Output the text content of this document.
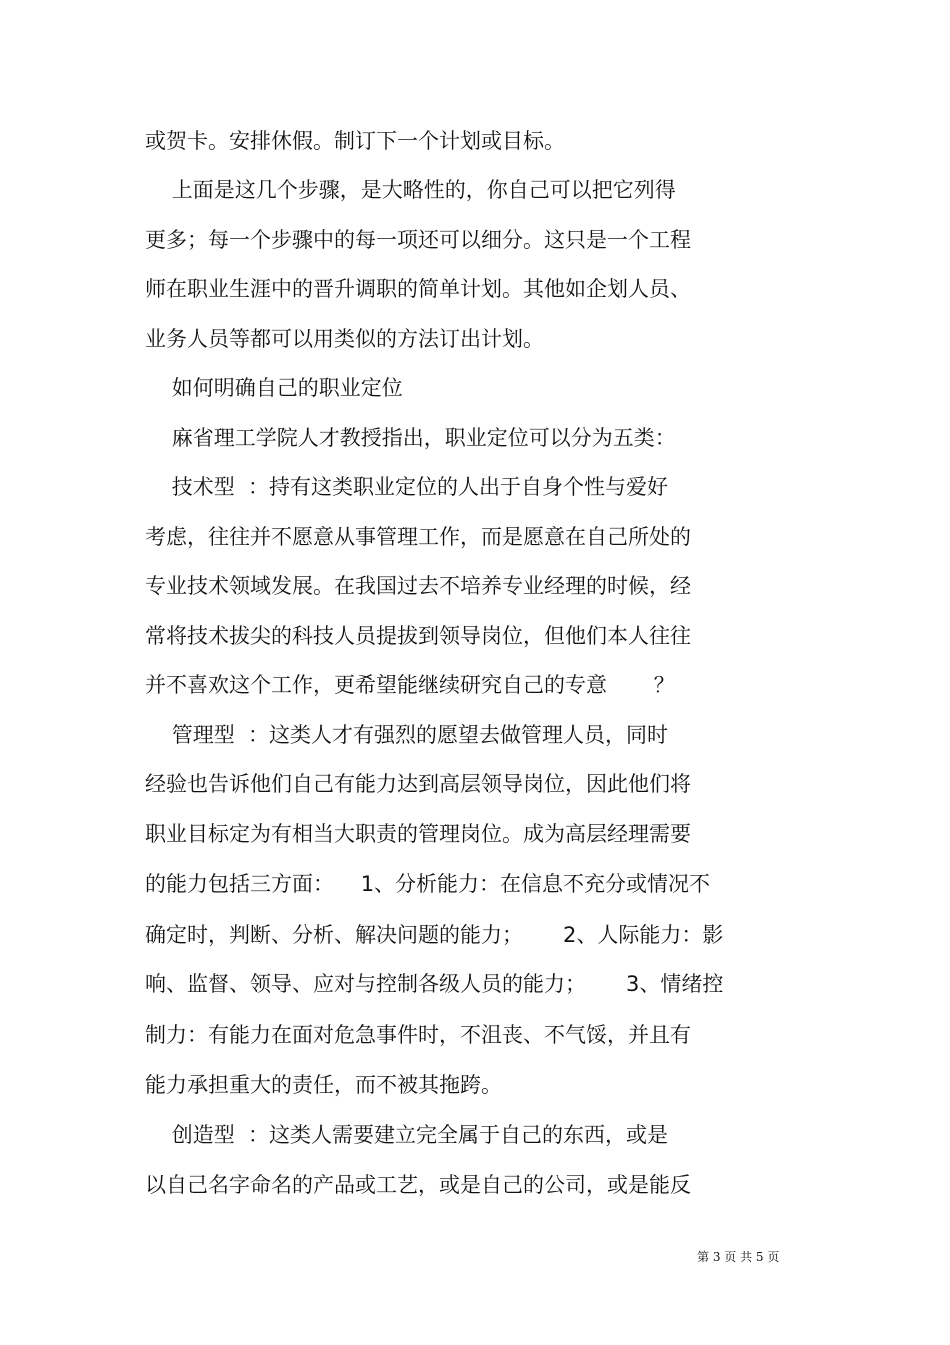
或贺卡。安排休假。制订下一个计划或目标。
上面是这几个步骤，是大略性的，你自己可以把它列得
更多；每一个步骤中的每一项还可以细分。这只是一个工程
师在职业生涯中的晋升调职的简单计划。其他如企划人员、
业务人员等都可以用类似的方法订出计划。
如何明确自己的职业定位
麻省理工学院人才教授指出，职业定位可以分为五类：
技术型  ：持有这类职业定位的人出于自身个性与爱好
考虑，往往并不愿意从事管理工作，而是愿意在自己所处的
专业技术领域发展。在我国过去不培养专业经理的时候，经
常将技术拔尖的科技人员提拔到领导岗位，但他们本人往往
并不喜欢这个工作，更希望能继续研究自己的专意       ？
管理型  ：这类人才有强烈的愿望去做管理人员，同时
经验也告诉他们自己有能力达到高层领导岗位，因此他们将
职业目标定为有相当大职责的管理岗位。成为高层经理需要
的能力包括三方面：    1、分析能力：在信息不充分或情况不
确定时，判断、分析、解决问题的能力；      2、人际能力：影
响、监督、领导、应对与控制各级人员的能力；      3、情绪控
制力：有能力在面对危急事件时，不沮丧、不气馁，并且有
能力承担重大的责任，而不被其拖跨。
创造型  ：这类人需要建立完全属于自己的东西，或是
以自己名字命名的产品或工艺，或是自己的公司，或是能反
第 3 页 共 5 页
